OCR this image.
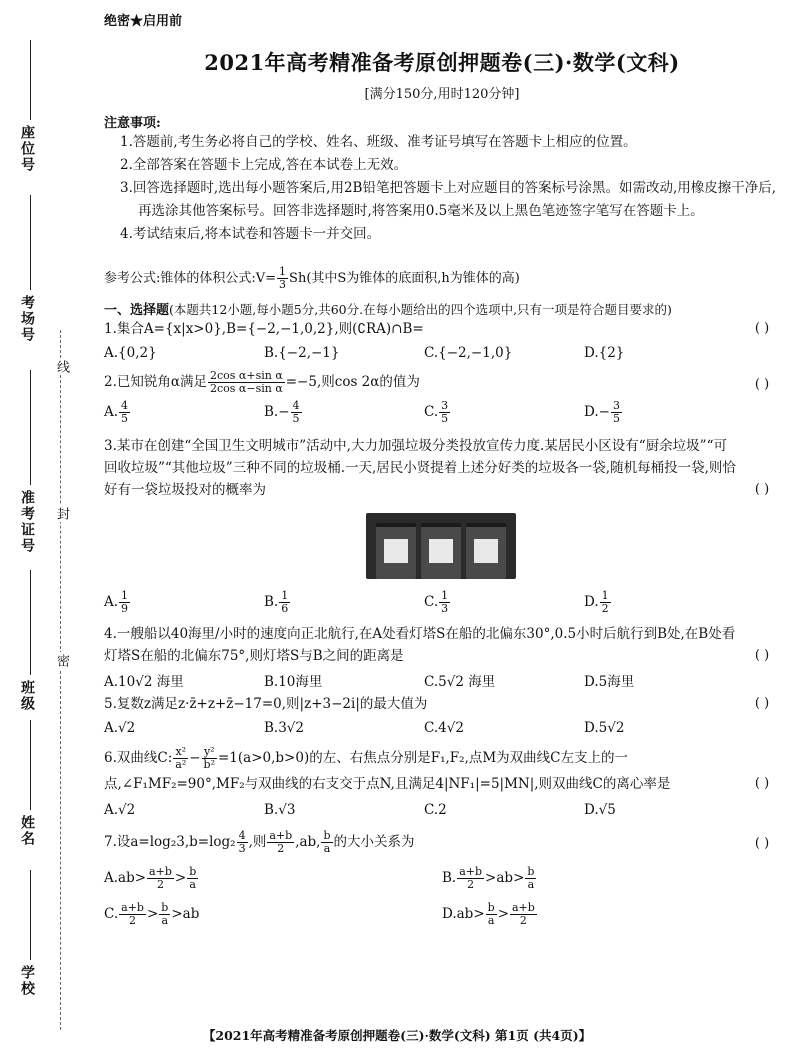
座位号
考场号
准考证号
班级
姓名
学校
线
封
密
绝密★启用前
2021年高考精准备考原创押题卷(三)·数学(文科)
[满分150分,用时120分钟]
注意事项:
1.答题前,考生务必将自己的学校、姓名、班级、准考证号填写在答题卡上相应的位置。
2.全部答案在答题卡上完成,答在本试卷上无效。
3.回答选择题时,选出每小题答案后,用2B铅笔把答题卡上对应题目的答案标号涂黑。如需改动,用橡皮擦干净后,再选涂其他答案标号。回答非选择题时,将答案用0.5毫米及以上黑色笔迹签字笔写在答题卡上。
4.考试结束后,将本试卷和答题卡一并交回。
参考公式:锥体的体积公式:V= $\frac{1}{3} Sh$(其中S为锥体的底面积,h为锥体的高)
一、选择题(本题共12小题,每小题5分,共60分.在每小题给出的四个选项中,只有一项是符合题目要求的)
1.集合A={x|x>0},B={−2,−1,0,2},则(∁RA)∩B=	( )
A.{0,2}	B.{−2,−1}	C.{−2,−1,0}	D.{2}
2.已知锐角α满足 $\frac{\text{2cos α+sin α}}{\text{2cos α−sin α}} =-5$,则cos 2α的值为	( )
A. $\frac{4}{5}$	$B.- \frac{4}{5}$	C. $\frac{3}{5}$	$D.- \frac{3}{5}$
3.某市在创建“全国卫生文明城市”活动中,大力加强垃圾分类投放宣传力度.某居民小区设有“厨余垃圾”“可回收垃圾”“其他垃圾”三种不同的垃圾桶.一天,居民小贤提着上述分好类的垃圾各一袋,随机每桶投一袋,则恰好有一袋垃圾投对的概率为	( )
A. $\frac{1}{9}$	B. $\frac{1}{6}$	C. $\frac{1}{3}$	D. $\frac{1}{2}$
4.一艘船以40海里/小时的速度向正北航行,在A处看灯塔S在船的北偏东30°,0.5小时后航行到B处,在B处看灯塔S在船的北偏东75°,则灯塔S与B之间的距离是	( )
A.10√2 海里	B.10海里	C.5√2 海里	D.5海里
5.复数z满足z·z̄+z+z̄−17=0,则|z+3−2i|的最大值为	( )
A.√2	B.3√2	C.4√2	D.5√2
6.双曲线C: $\frac{\text{x²}}{\text{a²}} - \frac{\text{y²}}{\text{b²}} =1(a>0,b>0)$的左、右焦点分别是F₁,F₂,点M为双曲线C左支上的一点,∠F₁MF₂=90°,MF₂与双曲线的右支交于点N,且满足4|NF₁|=5|MN|,则双曲线C的离心率是	( )
A.√2	B.√3	C.2	D.√5
7.设$a=\log_23,b=\log_2 \frac{4}{3}$ ,则 $\frac{a+b}{2} ,ab$, $\frac{b}{a}$ 的大小关系为	( )
$A.ab> \frac{a+b}{2} > \frac{b}{a}$	B. $\frac{a+b}{2} >ab> \frac{b}{a}$
C. $\frac{a+b}{2} > \frac{b}{a} >ab$	$D.ab> \frac{b}{a} > \frac{a+b}{2}$
【2021年高考精准备考原创押题卷(三)·数学(文科) 第1页 (共4页)】
